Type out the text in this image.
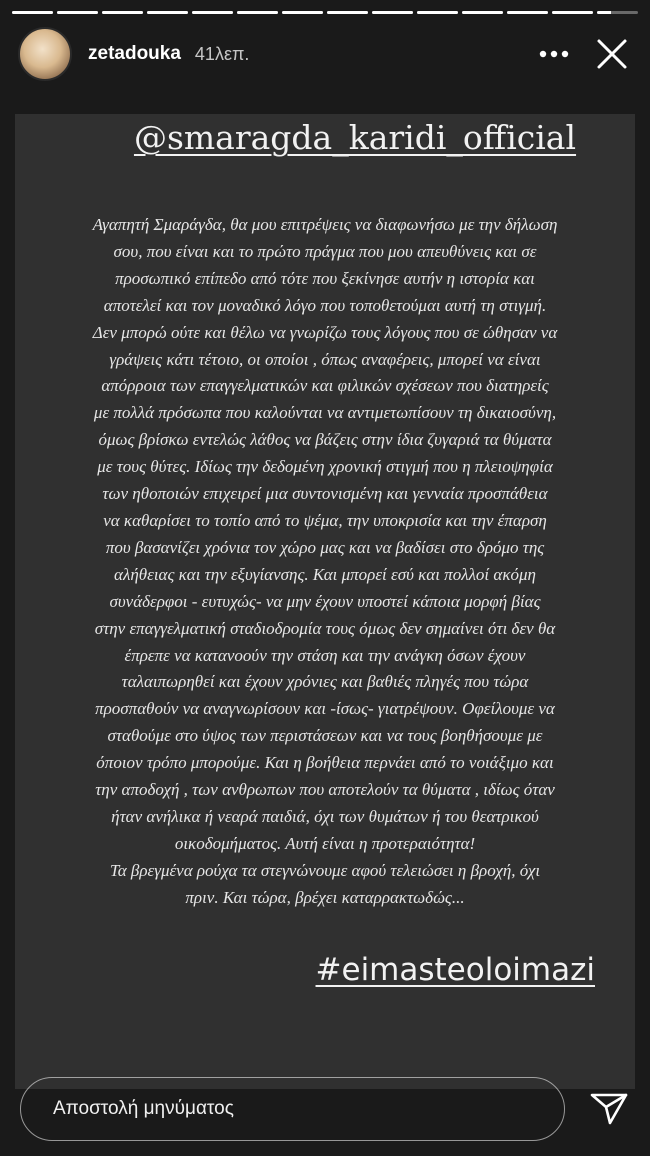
zetadouka 41λεπ.
@smaragda_karidi_official
Αγαπητή Σμαράγδα, θα μου επιτρέψεις να διαφωνήσω με την δήλωση
σου, που είναι και το πρώτο πράγμα που μου απευθύνεις και σε
προσωπικό επίπεδο από τότε που ξεκίνησε αυτήν η ιστορία και
αποτελεί και τον μοναδικό λόγο που τοποθετούμαι αυτή τη στιγμή.
Δεν μπορώ ούτε και θέλω να γνωρίζω τους λόγους που σε ώθησαν να
γράψεις κάτι τέτοιο, οι οποίοι , όπως αναφέρεις, μπορεί να είναι
απόρροια των επαγγελματικών και φιλικών σχέσεων που διατηρείς
με πολλά πρόσωπα που καλούνται να αντιμετωπίσουν τη δικαιοσύνη,
όμως βρίσκω εντελώς λάθος να βάζεις στην ίδια ζυγαριά τα θύματα
με τους θύτες. Ιδίως την δεδομένη χρονική στιγμή που η πλειοψηφία
των ηθοποιών επιχειρεί μια συντονισμένη και γενναία προσπάθεια
να καθαρίσει το τοπίο από το ψέμα, την υποκρισία και την έπαρση
που βασανίζει χρόνια τον χώρο μας και να βαδίσει στο δρόμο της
αλήθειας και την εξυγίανσης. Και μπορεί εσύ και πολλοί ακόμη
συνάδερφοι - ευτυχώς- να μην έχουν υποστεί κάποια μορφή βίας
στην επαγγελματική σταδιοδρομία τους όμως δεν σημαίνει ότι δεν θα
έπρεπε να κατανοούν την στάση και την ανάγκη όσων έχουν
ταλαιπωρηθεί και έχουν χρόνιες και βαθιές πληγές που τώρα
προσπαθούν να αναγνωρίσουν και -ίσως- γιατρέψουν. Οφείλουμε να
σταθούμε στο ύψος των περιστάσεων και να τους βοηθήσουμε με
όποιον τρόπο μπορούμε. Και η βοήθεια περνάει από το νοιάξιμο και
την αποδοχή , των ανθρωπων που αποτελούν τα θύματα , ιδίως όταν
ήταν ανήλικα ή νεαρά παιδιά, όχι των θυμάτων ή του θεατρικού
οικοδομήματος. Αυτή είναι η προτεραιότητα!
Τα βρεγμένα ρούχα τα στεγνώνουμε αφού τελειώσει η βροχή, όχι
πριν. Και τώρα, βρέχει καταρρακτωδώς...
#eimasteoloimazi
Αποστολή μηνύματος
